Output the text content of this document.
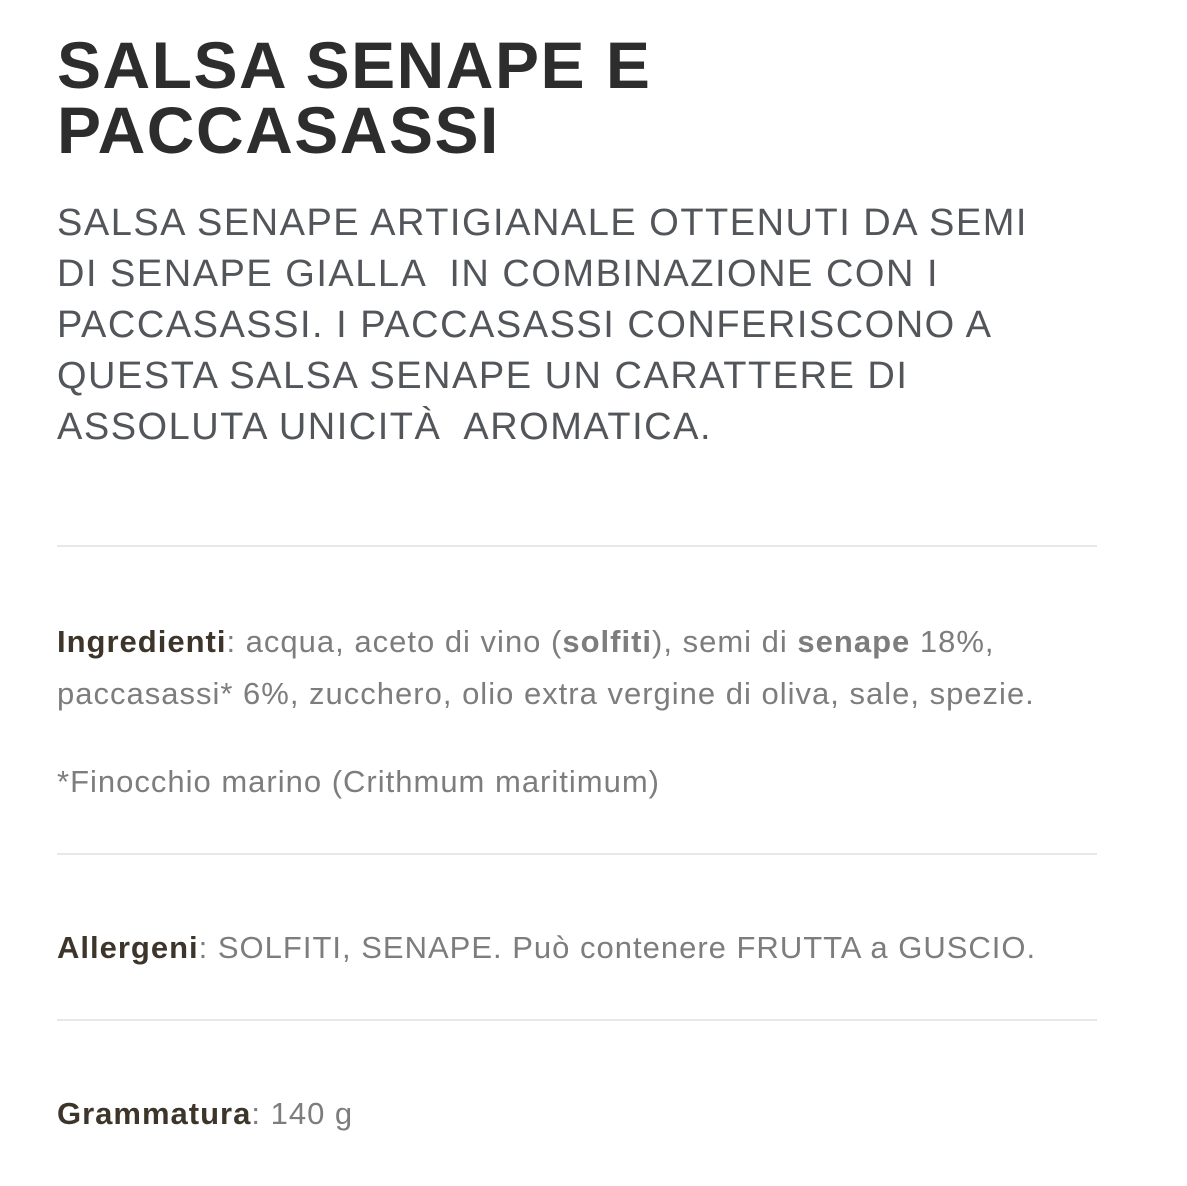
SALSA SENAPE E
PACCASASSI
SALSA SENAPE ARTIGIANALE OTTENUTI DA SEMI
DI SENAPE GIALLA  IN COMBINAZIONE CON I
PACCASASSI. I PACCASASSI CONFERISCONO A
QUESTA SALSA SENAPE UN CARATTERE DI
ASSOLUTA UNICITÀ  AROMATICA.
Ingredienti: acqua, aceto di vino (solfiti), semi di senape 18%,
paccasassi* 6%, zucchero, olio extra vergine di oliva, sale, spezie.
*Finocchio marino (Crithmum maritimum)
Allergeni: SOLFITI, SENAPE. Può contenere FRUTTA a GUSCIO.
Grammatura: 140 g
